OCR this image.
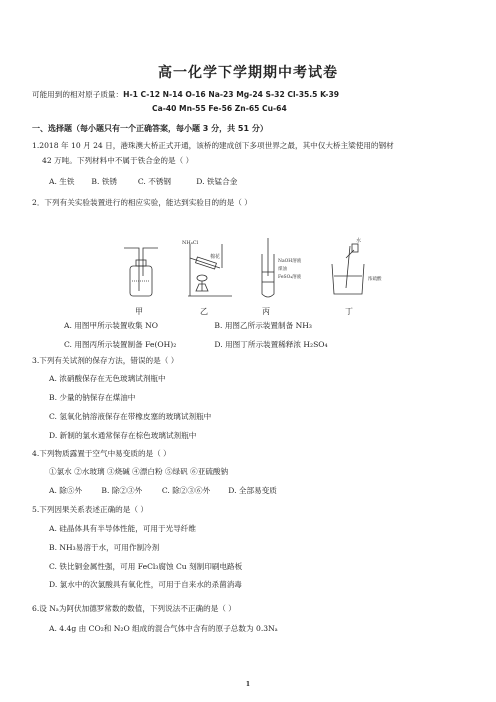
高一化学下学期期中考试卷
可能用到的相对原子质量：H-1 C-12 N-14 O-16 Na-23 Mg-24 S-32 Cl-35.5 K-39
Ca-40 Mn-55 Fe-56 Zn-65 Cu-64
一、选择题（每小题只有一个正确答案，每小题 3 分，共 51 分）
1.2018 年 10 月 24 日，港珠澳大桥正式开通，该桥的建成创下多项世界之最，其中仅大桥主梁使用的钢材
42 万吨。下列材料中不属于铁合金的是（ ）
A. 生铁 B. 铁锈	C. 不锈钢	D. 铁锰合金
2．下列有关实验装置进行的相应实验，能达到实验目的的是（ ）
NH₄Cl
棉花
NaOH溶液
煤油
FeSO₄溶液
水
浓硫酸
甲	乙	丙	丁
A. 用图甲所示装置收集 NO	B. 用图乙所示装置制备 NH₃
C. 用图丙所示装置制备 Fe(OH)₂	D. 用图丁所示装置稀释浓 H₂SO₄
3.下列有关试剂的保存方法，错误的是（ ）
A. 浓硝酸保存在无色玻璃试剂瓶中
B. 少量的钠保存在煤油中
C. 氢氧化钠溶液保存在带橡皮塞的玻璃试剂瓶中
D. 新制的氯水通常保存在棕色玻璃试剂瓶中
4.下列物质露置于空气中易变质的是（ ）
①氯水 ②水玻璃 ③烧碱 ④漂白粉 ⑤绿矾 ⑥亚硫酸钠
A. 除⑤外	B. 除②③外	C. 除②③⑥外 D. 全部易变质
5.下列因果关系表述正确的是（ ）
A. 硅晶体具有半导体性能，可用于光导纤维
B. NH₃易溶于水，可用作制冷剂
C. 铁比铜金属性强，可用 FeCl₃腐蚀 Cu 刻制印刷电路板
D. 氯水中的次氯酸具有氧化性，可用于自来水的杀菌消毒
6.设 Nₐ为阿伏加德罗常数的数值，下列说法不正确的是（ ）
A. 4.4g 由 CO₂和 N₂O 组成的混合气体中含有的原子总数为 0.3Nₐ
1
